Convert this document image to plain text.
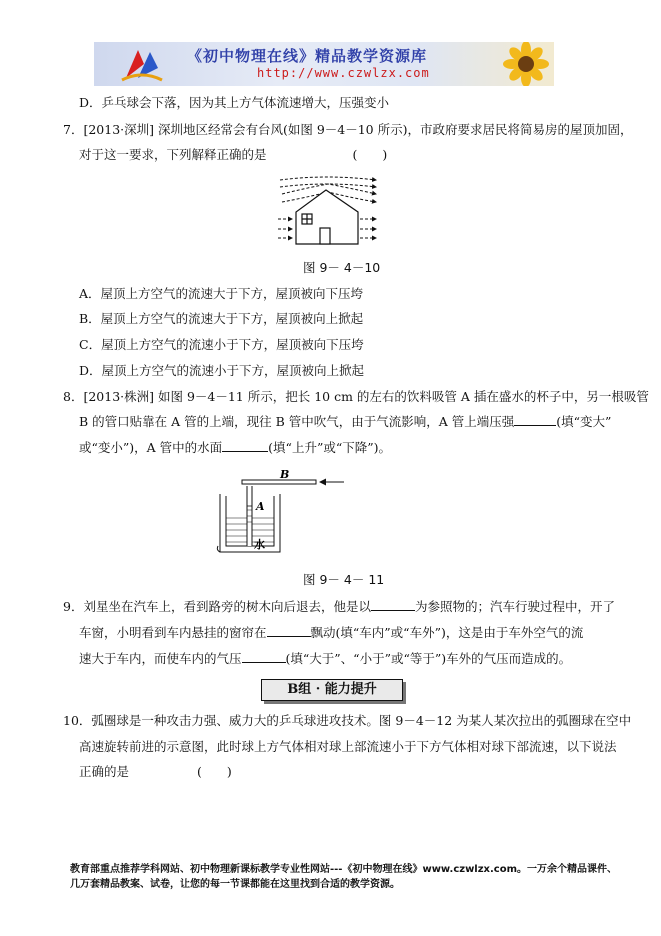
《初中物理在线》精品教学资源库
http://www.czwlzx.com
D．乒乓球会下落，因为其上方气体流速增大，压强变小
7．[2013·深圳] 深圳地区经常会有台风(如图 9－4－10 所示)，市政府要求居民将简易房的屋顶加固，
对于这一要求，下列解释正确的是	(　　)
图 9－ 4－10
A．屋顶上方空气的流速大于下方，屋顶被向下压垮
B．屋顶上方空气的流速大于下方，屋顶被向上掀起
C．屋顶上方空气的流速小于下方，屋顶被向下压垮
D．屋顶上方空气的流速小于下方，屋顶被向上掀起
8．[2013·株洲] 如图 9－4－11 所示，把长 10 cm 的左右的饮料吸管 A 插在盛水的杯子中，另一根吸管
B 的管口贴靠在 A 管的上端，现往 B 管中吹气，由于气流影响，A 管上端压强	(填“变大”
或“变小”)，A 管中的水面	(填“上升”或“下降”)。
B
A
水
图 9－ 4－ 11
9．刘星坐在汽车上，看到路旁的树木向后退去，他是以	为参照物的；汽车行驶过程中，开了
车窗，小明看到车内悬挂的窗帘在	飘动(填“车内”或“车外”)，这是由于车外空气的流
速大于车内，而使车内的气压	(填“大于”、“小于”或“等于”)车外的气压而造成的。
B组 · 能力提升
10．弧圈球是一种攻击力强、威力大的乒乓球进攻技术。图 9－4－12 为某人某次拉出的弧圈球在空中
高速旋转前进的示意图，此时球上方气体相对球上部流速小于下方气体相对球下部流速，以下说法
正确的是	(　　)
教育部重点推荐学科网站、初中物理新课标教学专业性网站---《初中物理在线》www.czwlzx.com。一万余个精品课件、
几万套精品教案、试卷，让您的每一节课都能在这里找到合适的教学资源。
